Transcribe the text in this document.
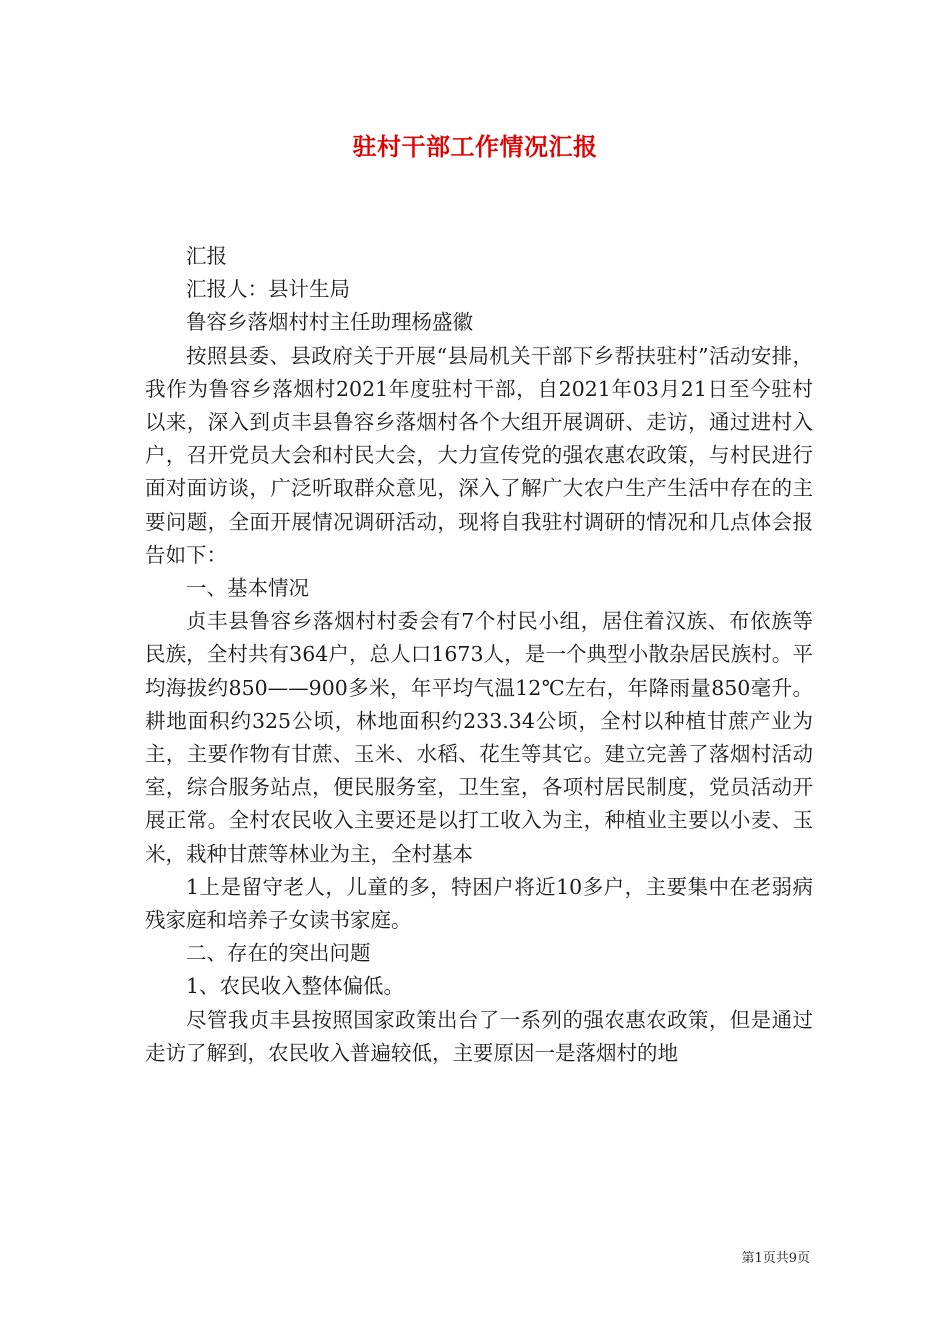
驻村干部工作情况汇报

汇报

汇报人：县计生局

鲁容乡落烟村村主任助理杨盛徽

按照县委、县政府关于开展“县局机关干部下乡帮扶驻村”活动安排，我作为鲁容乡落烟村2021年度驻村干部，自2021年03月21日至今驻村以来，深入到贞丰县鲁容乡落烟村各个大组开展调研、走访，通过进村入户，召开党员大会和村民大会，大力宣传党的强农惠农政策，与村民进行面对面访谈，广泛听取群众意见，深入了解广大农户生产生活中存在的主要问题，全面开展情况调研活动，现将自我驻村调研的情况和几点体会报告如下：

一、基本情况

贞丰县鲁容乡落烟村村委会有7个村民小组，居住着汉族、布依族等民族，全村共有364户，总人口1673人，是一个典型小散杂居民族村。平均海拔约850——900多米，年平均气温12℃左右，年降雨量850毫升。耕地面积约325公顷，林地面积约233.34公顷，全村以种植甘蔗产业为主，主要作物有甘蔗、玉米、水稻、花生等其它。建立完善了落烟村活动室，综合服务站点，便民服务室，卫生室，各项村居民制度，党员活动开展正常。全村农民收入主要还是以打工收入为主，种植业主要以小麦、玉米，栽种甘蔗等林业为主，全村基本

1上是留守老人，儿童的多，特困户将近10多户，主要集中在老弱病残家庭和培养子女读书家庭。

二、存在的突出问题

1、农民收入整体偏低。

尽管我贞丰县按照国家政策出台了一系列的强农惠农政策，但是通过走访了解到，农民收入普遍较低，主要原因一是落烟村的地

第1页共9页
